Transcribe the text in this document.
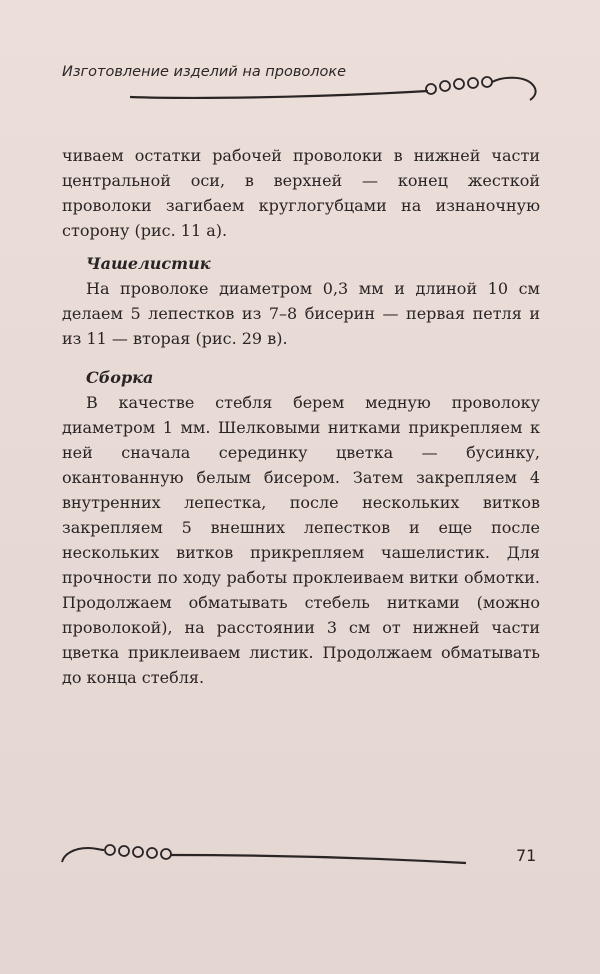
Изготовление изделий на проволоке

чиваем остатки рабочей проволоки в нижней части центральной оси, в верхней — конец жесткой проволоки загибаем круглогубцами на изнаночную сторону (рис. 11 а).

Чашелистик

На проволоке диаметром 0,3 мм и длиной 10 см делаем 5 лепестков из 7–8 бисерин — первая петля и из 11 — вторая (рис. 29 в).

Сборка

В качестве стебля берем медную проволоку диаметром 1 мм. Шелковыми нитками прикрепляем к ней сначала серединку цветка — бусинку, окантованную белым бисером. Затем закрепляем 4 внутренних лепестка, после нескольких витков закрепляем 5 внешних лепестков и еще после нескольких витков прикрепляем чашелистик. Для прочности по ходу работы проклеиваем витки обмотки. Продолжаем обматывать стебель нитками (можно проволокой), на расстоянии 3 см от нижней части цветка приклеиваем листик. Продолжаем обматывать до конца стебля.

71
